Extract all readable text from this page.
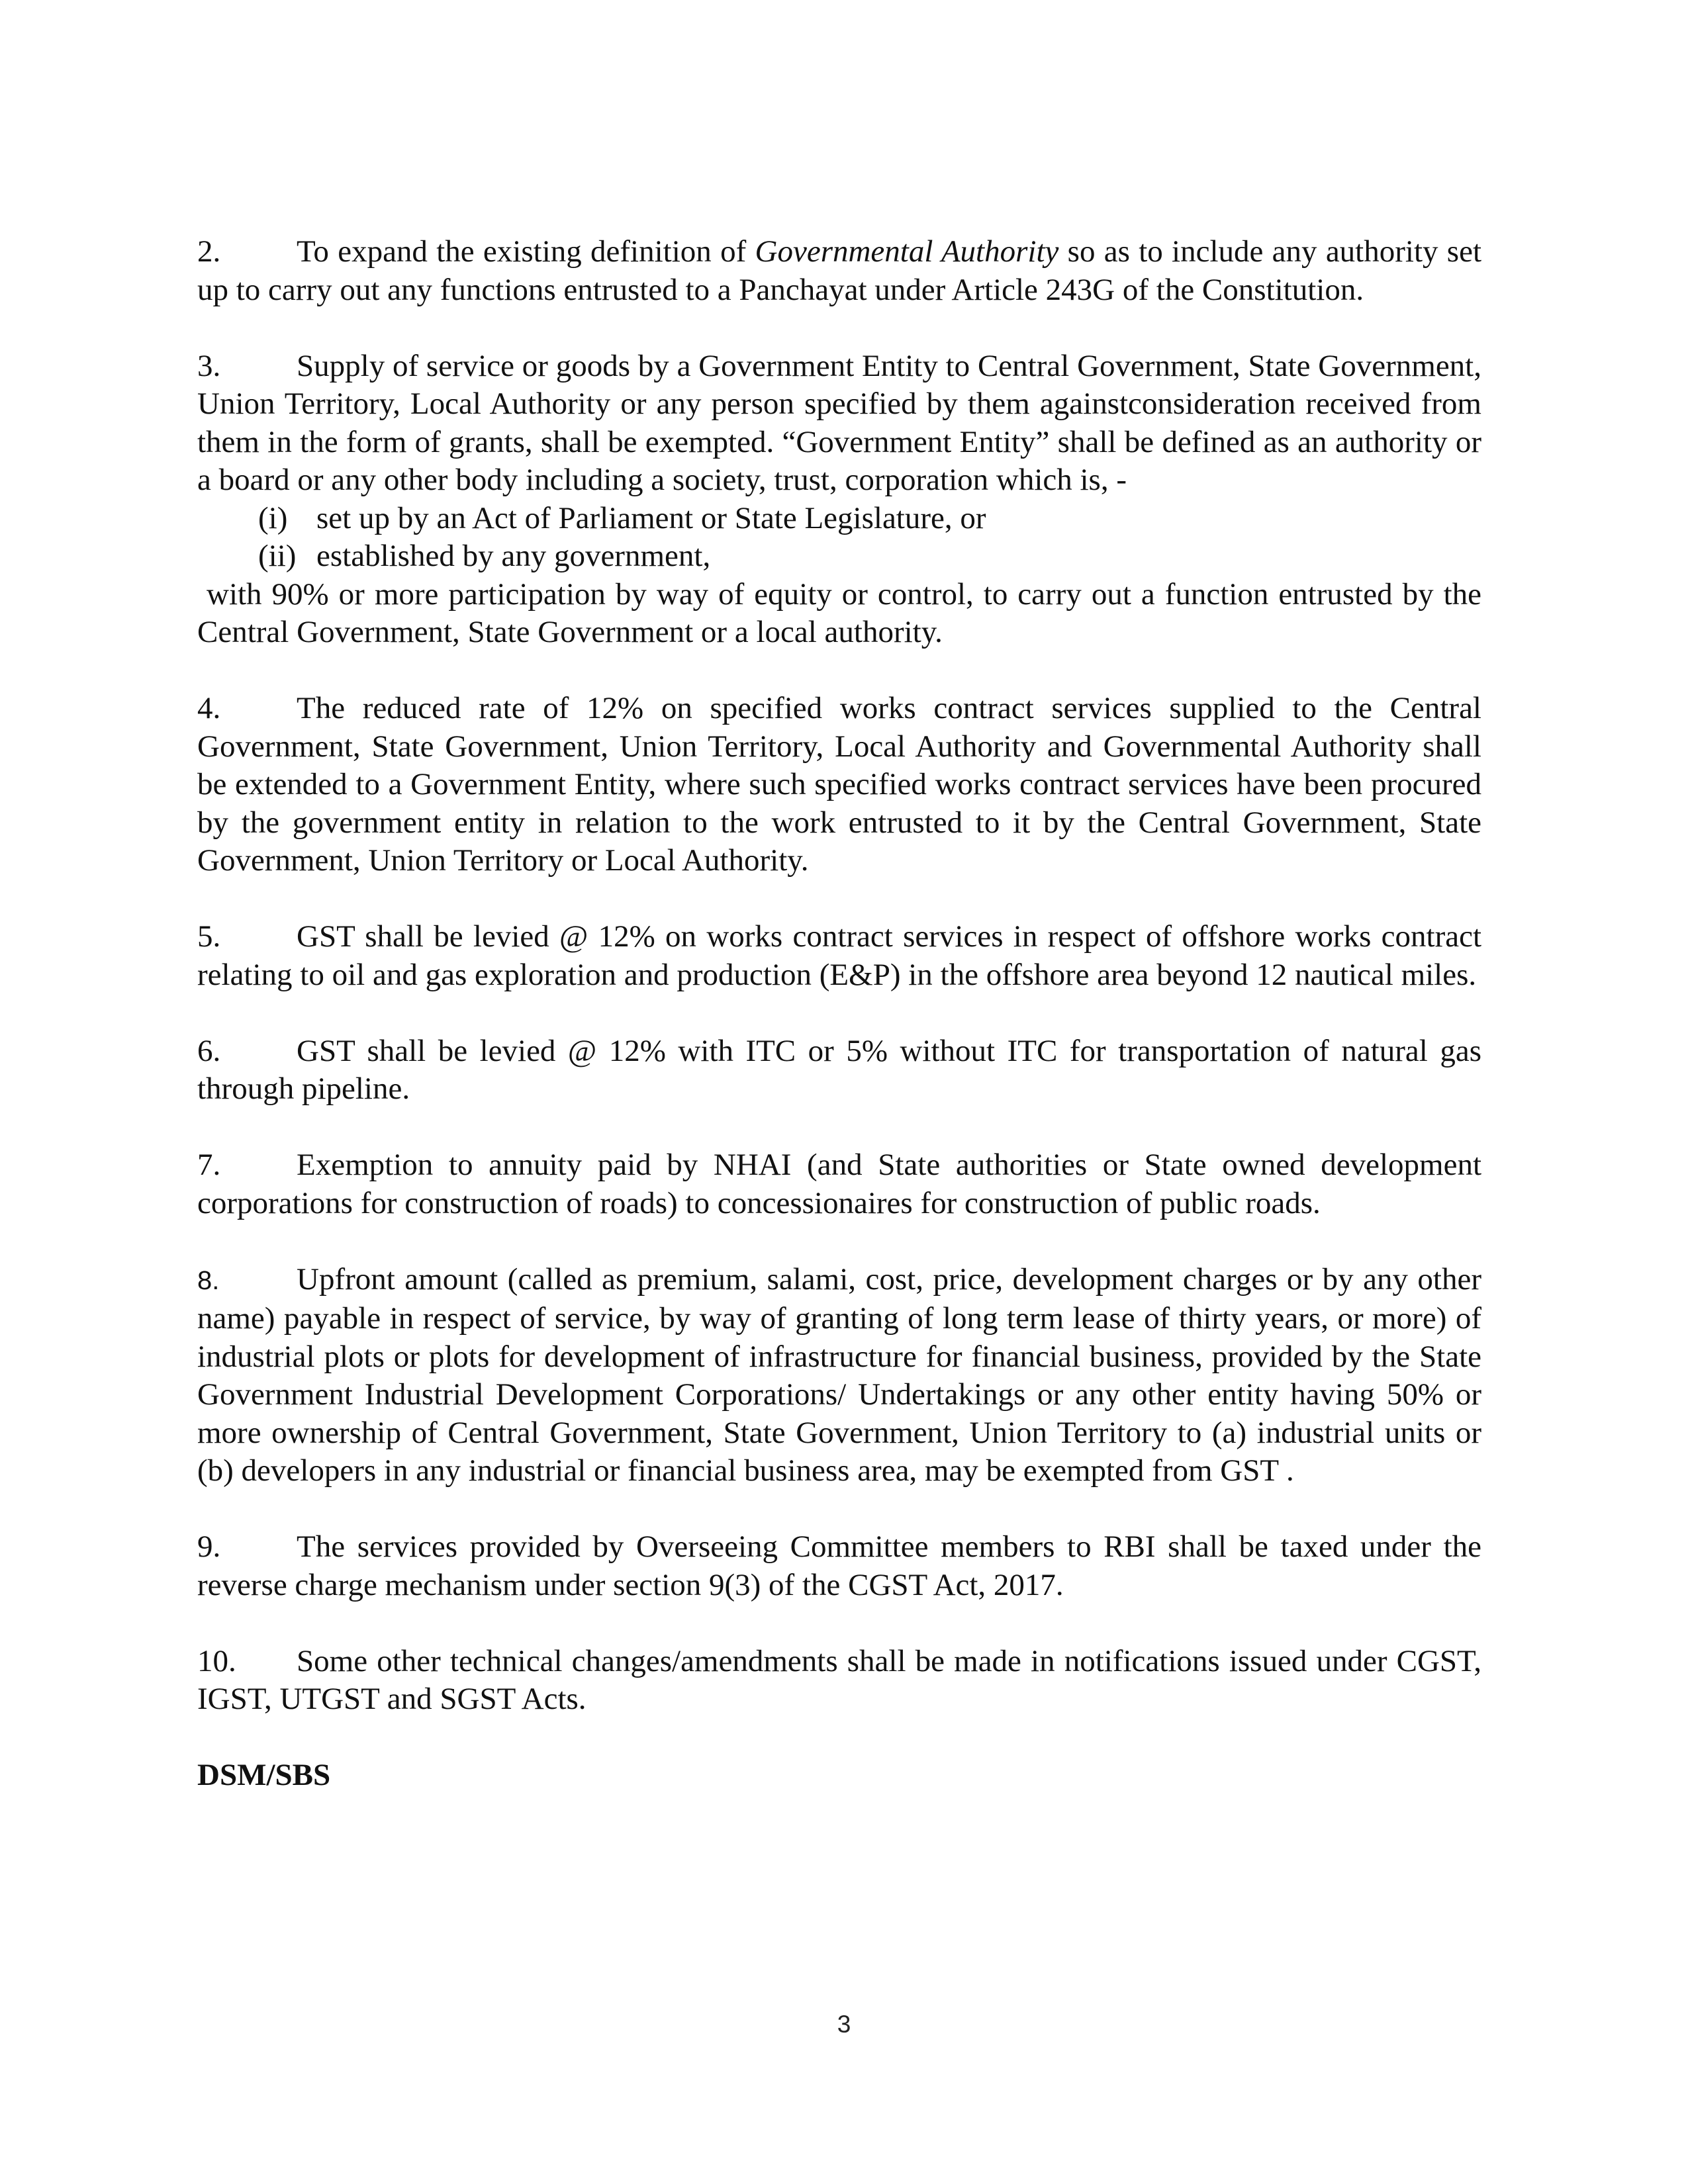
2. To expand the existing definition of Governmental Authority so as to include any authority set up to carry out any functions entrusted to a Panchayat under Article 243G of the Constitution.

3. Supply of service or goods by a Government Entity to Central Government, State Government, Union Territory, Local Authority or any person specified by them againstconsideration received from them in the form of grants, shall be exempted. “Government Entity” shall be defined as an authority or a board or any other body including a society, trust, corporation which is, -

(i) set up by an Act of Parliament or State Legislature, or

(ii) established by any government,

with 90% or more participation by way of equity or control, to carry out a function entrusted by the Central Government, State Government or a local authority.

4. The reduced rate of 12% on specified works contract services supplied to the Central Government, State Government, Union Territory, Local Authority and Governmental Authority shall be extended to a Government Entity, where such specified works contract services have been procured by the government entity in relation to the work entrusted to it by the Central Government, State Government, Union Territory or Local Authority.

5. GST shall be levied @ 12% on works contract services in respect of offshore works contract relating to oil and gas exploration and production (E&P) in the offshore area beyond 12 nautical miles.

6. GST shall be levied @ 12% with ITC or 5% without ITC for transportation of natural gas through pipeline.

7. Exemption to annuity paid by NHAI (and State authorities or State owned development corporations for construction of roads) to concessionaires for construction of public roads.

8. Upfront amount (called as premium, salami, cost, price, development charges or by any other name) payable in respect of service, by way of granting of long term lease of thirty years, or more) of industrial plots or plots for development of infrastructure for financial business, provided by the State Government Industrial Development Corporations/ Undertakings or any other entity having 50% or more ownership of Central Government, State Government, Union Territory to (a) industrial units or (b) developers in any industrial or financial business area, may be exempted from GST .

9. The services provided by Overseeing Committee members to RBI shall be taxed under the reverse charge mechanism under section 9(3) of the CGST Act, 2017.

10. Some other technical changes/amendments shall be made in notifications issued under CGST, IGST, UTGST and SGST Acts.

DSM/SBS

3
